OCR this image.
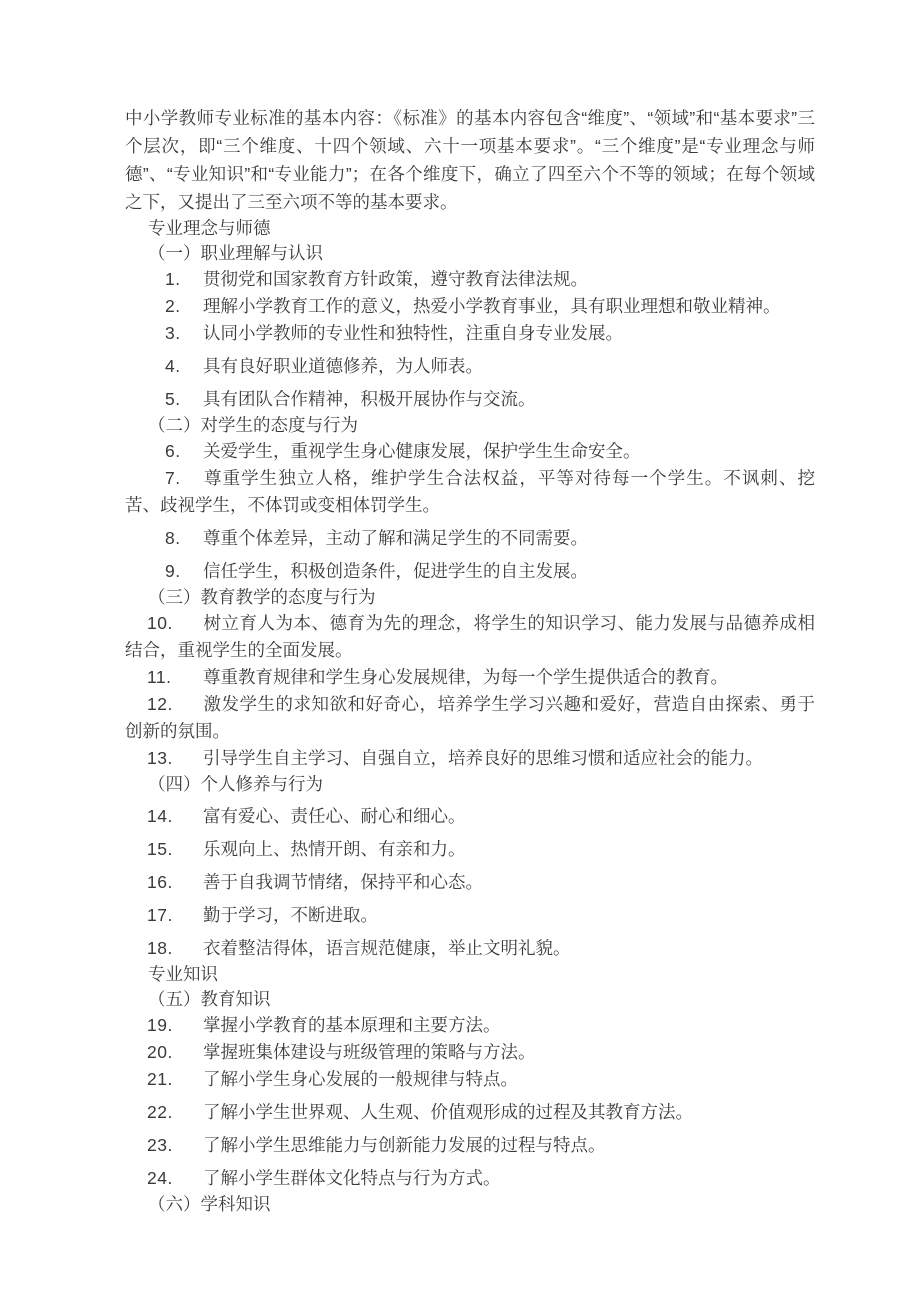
中小学教师专业标准的基本内容：《标准》的基本内容包含“维度”、“领域”和“基本要求”三个层次，即“三个维度、十四个领域、六十一项基本要求”。“三个维度”是“专业理念与师德”、“专业知识”和“专业能力”；在各个维度下，确立了四至六个不等的领域；在每个领域之下，又提出了三至六项不等的基本要求。

专业理念与师德
（一）职业理解与认识
1. 贯彻党和国家教育方针政策，遵守教育法律法规。
2. 理解小学教育工作的意义，热爱小学教育事业，具有职业理想和敬业精神。
3. 认同小学教师的专业性和独特性，注重自身专业发展。
4. 具有良好职业道德修养，为人师表。
5. 具有团队合作精神，积极开展协作与交流。
（二）对学生的态度与行为
6. 关爱学生，重视学生身心健康发展，保护学生生命安全。
7. 尊重学生独立人格，维护学生合法权益，平等对待每一个学生。不讽刺、挖苦、歧视学生，不体罚或变相体罚学生。
8. 尊重个体差异，主动了解和满足学生的不同需要。
9. 信任学生，积极创造条件，促进学生的自主发展。
（三）教育教学的态度与行为
10. 树立育人为本、德育为先的理念，将学生的知识学习、能力发展与品德养成相结合，重视学生的全面发展。
11. 尊重教育规律和学生身心发展规律，为每一个学生提供适合的教育。
12. 激发学生的求知欲和好奇心，培养学生学习兴趣和爱好，营造自由探索、勇于创新的氛围。
13. 引导学生自主学习、自强自立，培养良好的思维习惯和适应社会的能力。
（四）个人修养与行为
14. 富有爱心、责任心、耐心和细心。
15. 乐观向上、热情开朗、有亲和力。
16. 善于自我调节情绪，保持平和心态。
17. 勤于学习，不断进取。
18. 衣着整洁得体，语言规范健康，举止文明礼貌。
专业知识
（五）教育知识
19. 掌握小学教育的基本原理和主要方法。
20. 掌握班集体建设与班级管理的策略与方法。
21. 了解小学生身心发展的一般规律与特点。
22. 了解小学生世界观、人生观、价值观形成的过程及其教育方法。
23. 了解小学生思维能力与创新能力发展的过程与特点。
24. 了解小学生群体文化特点与行为方式。
（六）学科知识
